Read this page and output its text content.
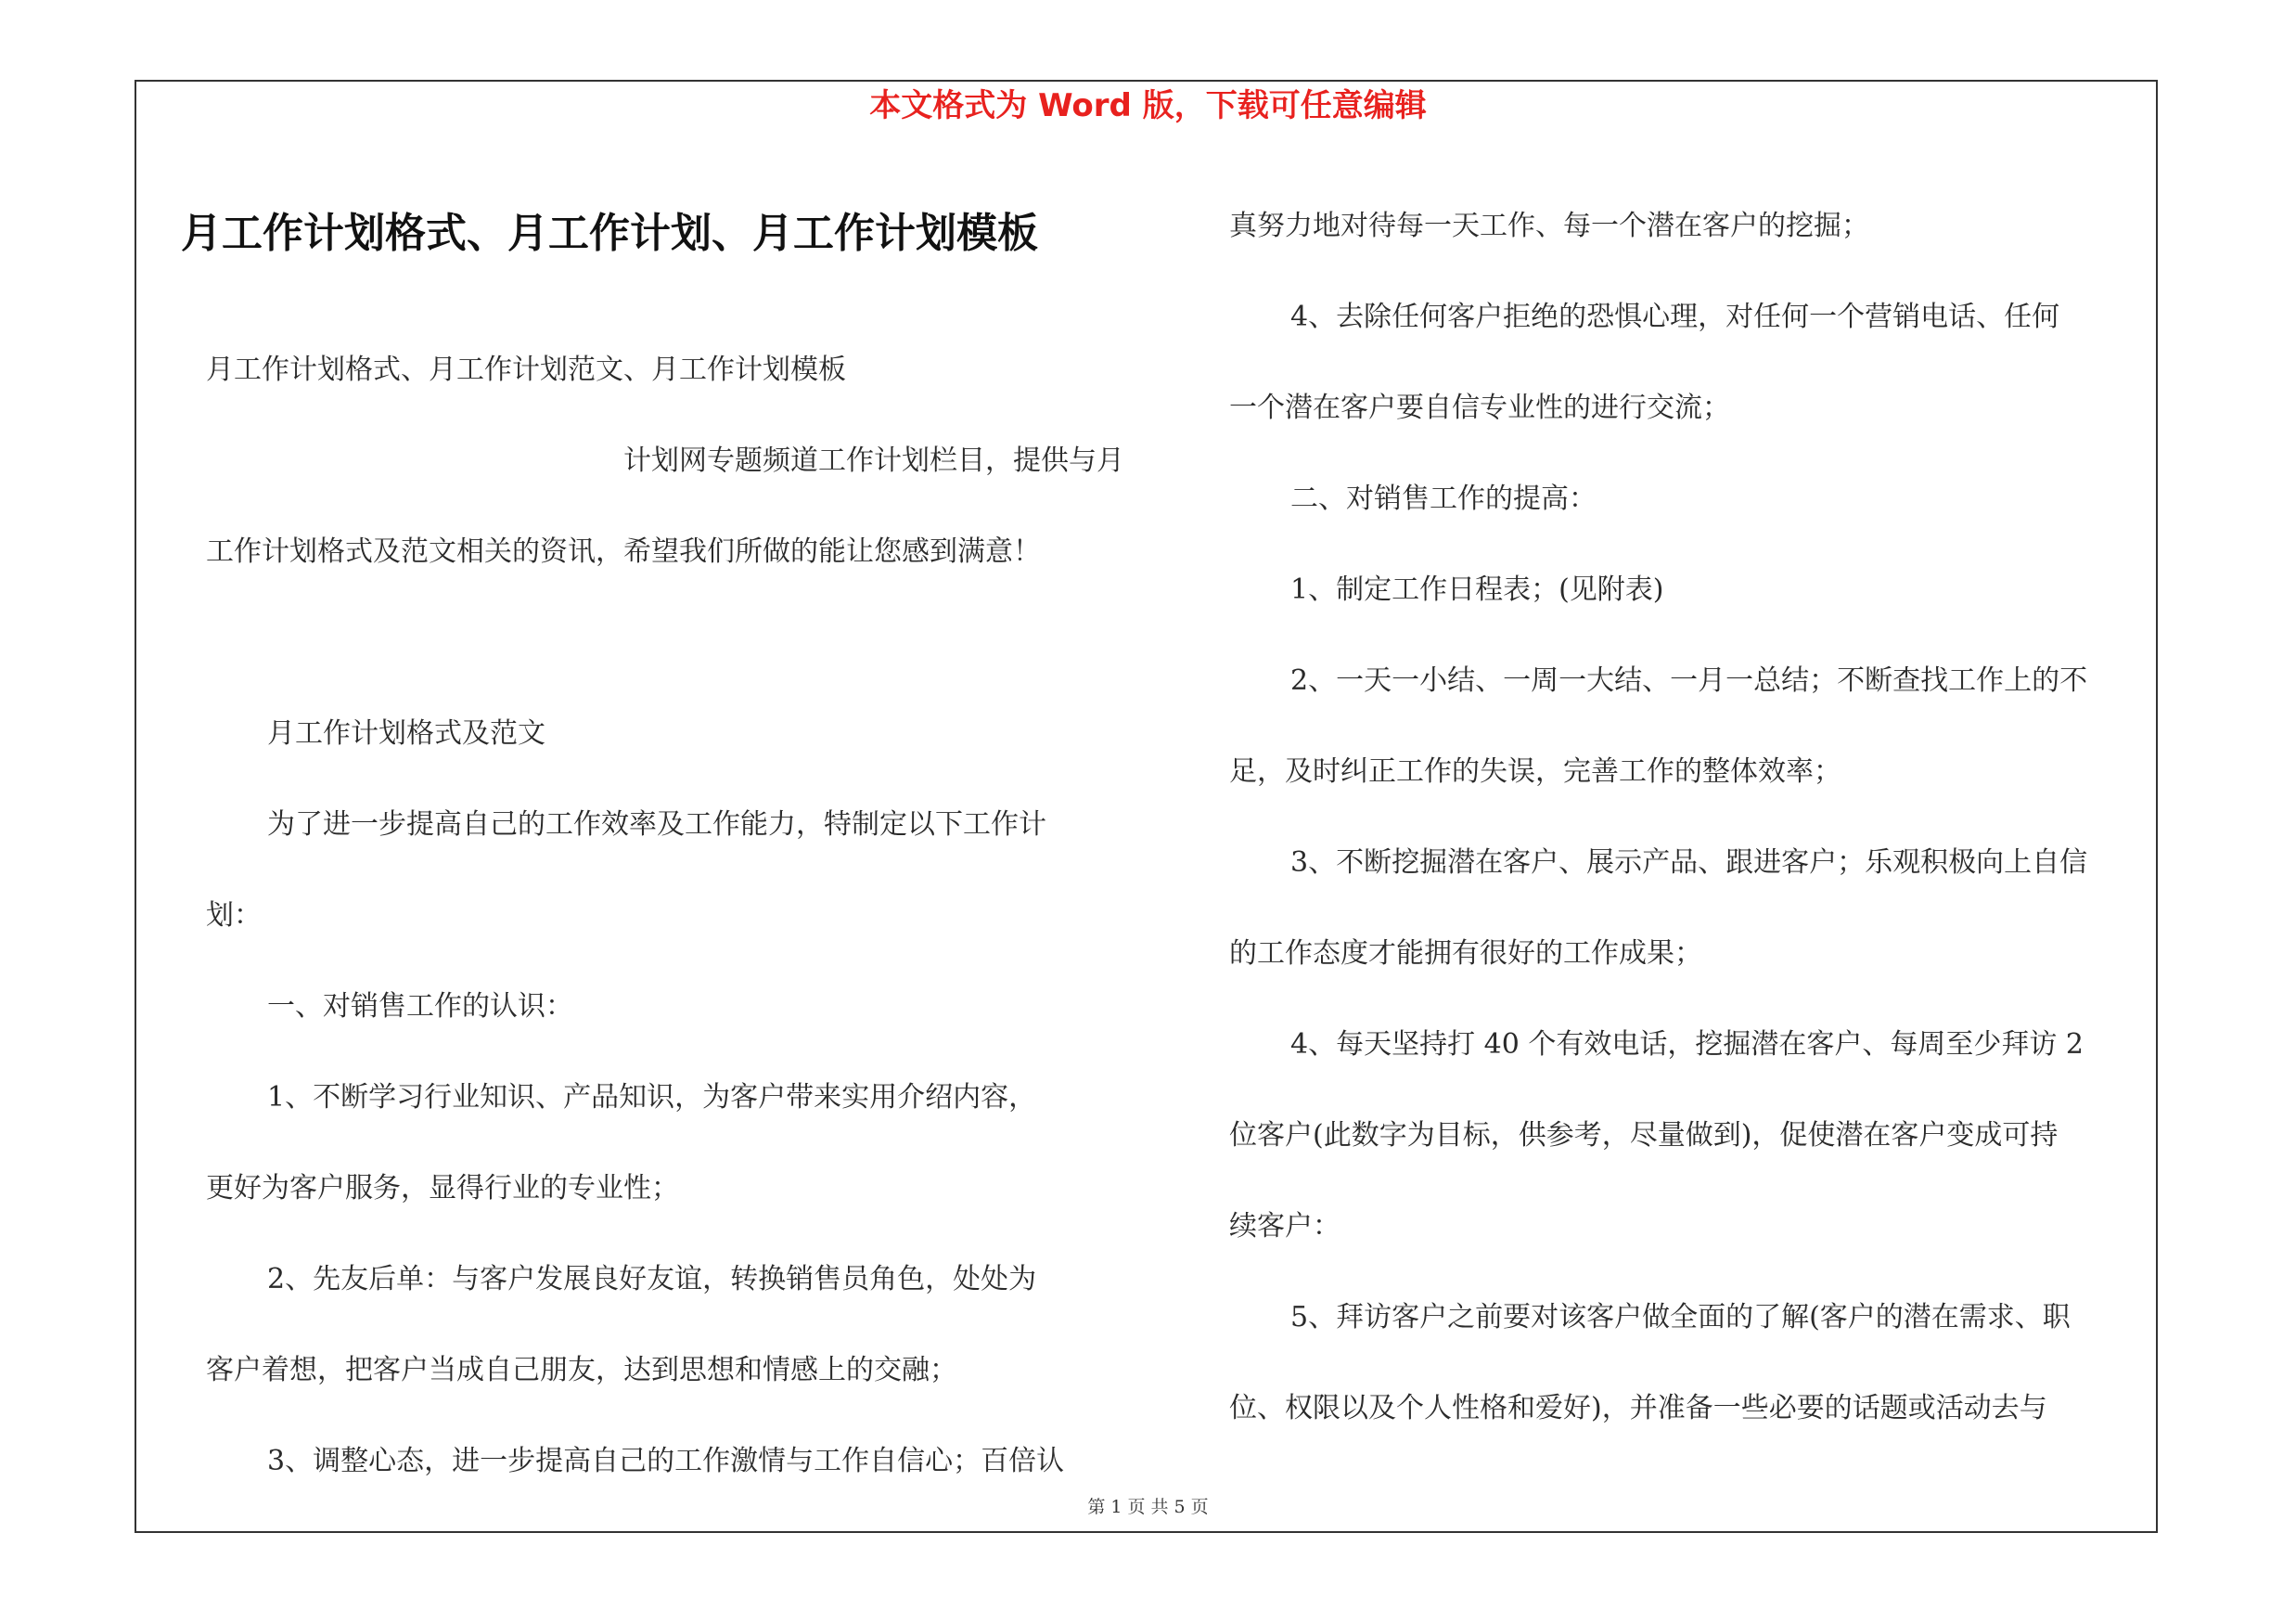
本文格式为 Word 版，下载可任意编辑
月工作计划格式、月工作计划、月工作计划模板
月工作计划格式、月工作计划范文、月工作计划模板
计划网专题频道工作计划栏目，提供与月
工作计划格式及范文相关的资讯，希望我们所做的能让您感到满意！
月工作计划格式及范文
为了进一步提高自己的工作效率及工作能力，特制定以下工作计
划：
一、对销售工作的认识：
1、不断学习行业知识、产品知识，为客户带来实用介绍内容，
更好为客户服务，显得行业的专业性；
2、先友后单：与客户发展良好友谊，转换销售员角色，处处为
客户着想，把客户当成自己朋友，达到思想和情感上的交融；
3、调整心态，进一步提高自己的工作激情与工作自信心；百倍认
真努力地对待每一天工作、每一个潜在客户的挖掘；
4、去除任何客户拒绝的恐惧心理，对任何一个营销电话、任何
一个潜在客户要自信专业性的进行交流；
二、对销售工作的提高：
1、制定工作日程表；(见附表)
2、一天一小结、一周一大结、一月一总结；不断查找工作上的不
足，及时纠正工作的失误，完善工作的整体效率；
3、不断挖掘潜在客户、展示产品、跟进客户；乐观积极向上自信
的工作态度才能拥有很好的工作成果；
4、每天坚持打 40 个有效电话，挖掘潜在客户、每周至少拜访 2
位客户(此数字为目标，供参考，尽量做到)，促使潜在客户变成可持
续客户：
5、拜访客户之前要对该客户做全面的了解(客户的潜在需求、职
位、权限以及个人性格和爱好)，并准备一些必要的话题或活动去与
第 1 页 共 5 页
